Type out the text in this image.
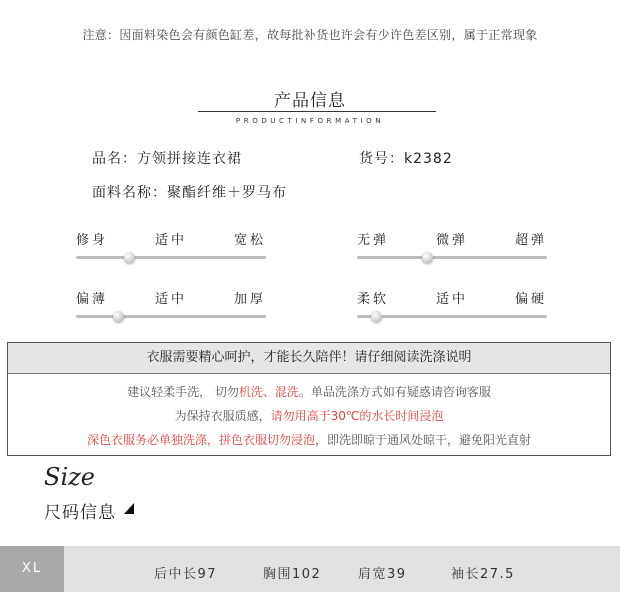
注意：因面料染色会有颜色缸差，故每批补货也许会有少许色差区别，属于正常现象
产品信息
PRODUCTINFORMATION
品名：方领拼接连衣裙	货号：k2382
面料名称：聚酯纤维＋罗马布
修身	适中	宽松	无弹	微弹	超弹
偏薄	适中	加厚	柔软	适中	偏硬
衣服需要精心呵护，才能长久陪伴！请仔细阅读洗涤说明
建议轻柔手洗， 切勿机洗、混洗。单品洗涤方式如有疑惑请咨询客服
为保持衣服质感，请勿用高于30℃的水长时间浸泡
深色衣服务必单独洗涤，拼色衣服切勿浸泡，即洗即晾于通风处晾干，避免阳光直射
Size
尺码信息
XL	后中长97	胸围102	肩宽39	袖长27.5
